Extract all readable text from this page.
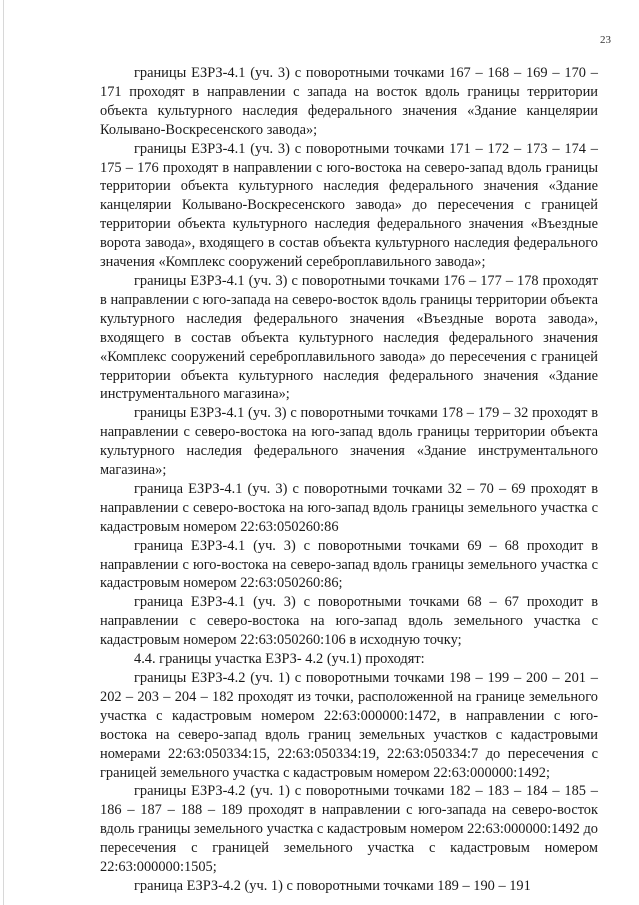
23

границы ЕЗРЗ-4.1 (уч. 3) с поворотными точками 167 – 168 – 169 – 170 – 171 проходят в направлении с запада на восток вдоль границы территории объекта культурного наследия федерального значения «Здание канцелярии Колывано-Воскресенского завода»;

границы ЕЗРЗ-4.1 (уч. 3) с поворотными точками 171 – 172 – 173 – 174 – 175 – 176 проходят в направлении с юго-востока на северо-запад вдоль границы территории объекта культурного наследия федерального значения «Здание канцелярии Колывано-Воскресенского завода» до пересечения с границей территории объекта культурного наследия федерального значения «Въездные ворота завода», входящего в состав объекта культурного наследия федерального значения «Комплекс сооружений сереброплавильного завода»;

границы ЕЗРЗ-4.1 (уч. 3) с поворотными точками 176 – 177 – 178 проходят в направлении с юго-запада на северо-восток вдоль границы территории объекта культурного наследия федерального значения «Въездные ворота завода», входящего в состав объекта культурного наследия федерального значения «Комплекс сооружений сереброплавильного завода» до пересечения с границей территории объекта культурного наследия федерального значения «Здание инструментального магазина»;

границы ЕЗРЗ-4.1 (уч. 3) с поворотными точками 178 – 179 – 32 проходят в направлении с северо-востока на юго-запад вдоль границы территории объекта культурного наследия федерального значения «Здание инструментального магазина»;

граница ЕЗРЗ-4.1 (уч. 3) с поворотными точками 32 – 70 – 69 проходят в направлении с северо-востока на юго-запад вдоль границы земельного участка с кадастровым номером 22:63:050260:86

граница ЕЗРЗ-4.1 (уч. 3) с поворотными точками 69 – 68 проходит в направлении с юго-востока на северо-запад вдоль границы земельного участка с кадастровым номером 22:63:050260:86;

граница ЕЗРЗ-4.1 (уч. 3) с поворотными точками 68 – 67 проходит в направлении с северо-востока на юго-запад вдоль земельного участка с кадастровым номером 22:63:050260:106 в исходную точку;

4.4. границы участка ЕЗРЗ- 4.2 (уч.1) проходят:

границы ЕЗРЗ-4.2 (уч. 1) с поворотными точками 198 – 199 – 200 – 201 – 202 – 203 – 204 – 182 проходят из точки, расположенной на границе земельного участка с кадастровым номером 22:63:000000:1472, в направлении с юго-востока на северо-запад вдоль границ земельных участков с кадастровыми номерами 22:63:050334:15, 22:63:050334:19, 22:63:050334:7 до пересечения с границей земельного участка с кадастровым номером 22:63:000000:1492;

границы ЕЗРЗ-4.2 (уч. 1) с поворотными точками 182 – 183 – 184 – 185 – 186 – 187 – 188 – 189 проходят в направлении с юго-запада на северо-восток вдоль границы земельного участка с кадастровым номером 22:63:000000:1492 до пересечения с границей земельного участка с кадастровым номером 22:63:000000:1505;

граница ЕЗРЗ-4.2 (уч. 1) с поворотными точками 189 – 190 – 191
